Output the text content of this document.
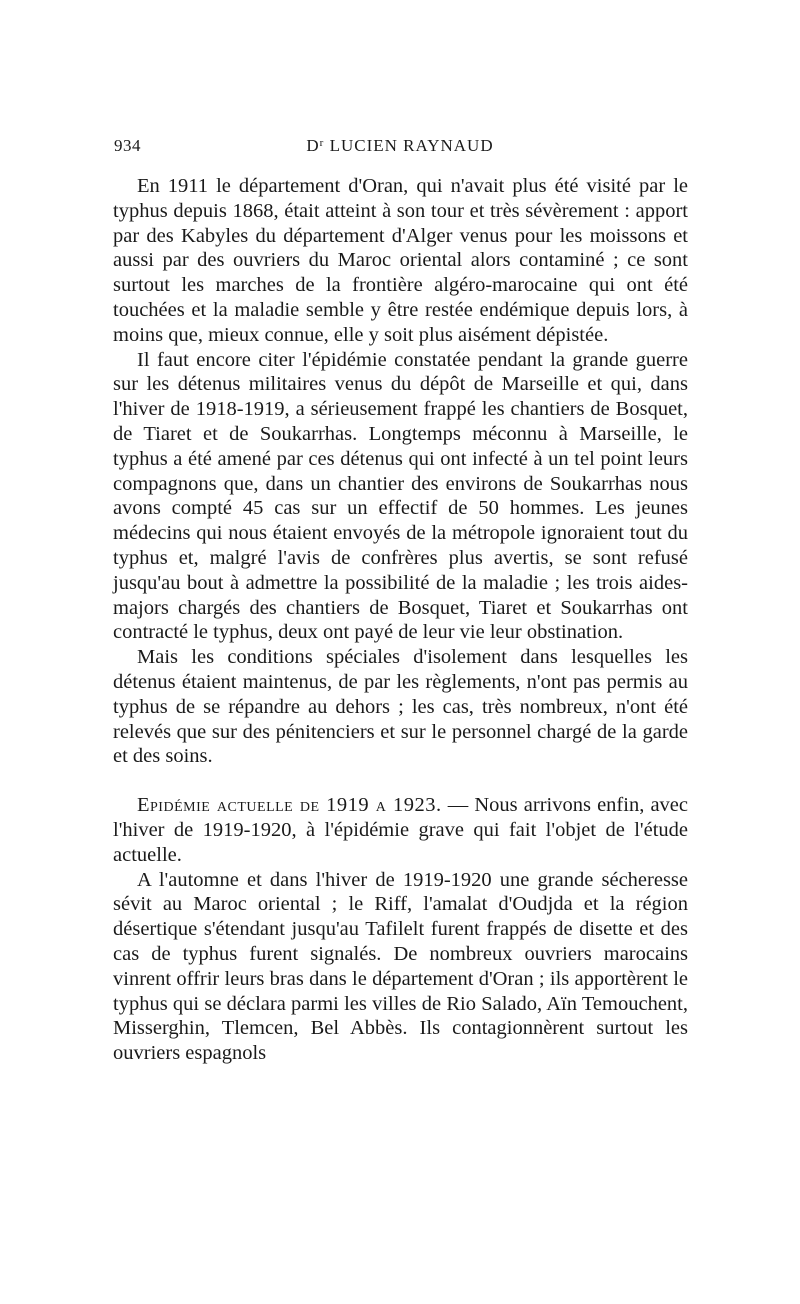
934	$D^r$ LUCIEN RAYNAUD

En 1911 le département d'Oran, qui n'avait plus été visité par le typhus depuis 1868, était atteint à son tour et très sévèrement : apport par des Kabyles du département d'Alger venus pour les moissons et aussi par des ouvriers du Maroc oriental alors contaminé ; ce sont surtout les marches de la frontière algéro-marocaine qui ont été touchées et la maladie semble y être restée endémique depuis lors, à moins que, mieux connue, elle y soit plus aisément dépistée.

Il faut encore citer l'épidémie constatée pendant la grande guerre sur les détenus militaires venus du dépôt de Marseille et qui, dans l'hiver de 1918-1919, a sérieusement frappé les chantiers de Bosquet, de Tiaret et de Soukarrhas. Longtemps méconnu à Marseille, le typhus a été amené par ces détenus qui ont infecté à un tel point leurs compagnons que, dans un chantier des environs de Soukarrhas nous avons compté 45 cas sur un effectif de 50 hommes. Les jeunes médecins qui nous étaient envoyés de la métropole ignoraient tout du typhus et, malgré l'avis de confrères plus avertis, se sont refusé jusqu'au bout à admettre la possibilité de la maladie ; les trois aides-majors chargés des chantiers de Bosquet, Tiaret et Soukarrhas ont contracté le typhus, deux ont payé de leur vie leur obstination.

Mais les conditions spéciales d'isolement dans lesquelles les détenus étaient maintenus, de par les règlements, n'ont pas permis au typhus de se répandre au dehors ; les cas, très nombreux, n'ont été relevés que sur des pénitenciers et sur le personnel chargé de la garde et des soins.

Epidémie actuelle de 1919 a 1923. — Nous arrivons enfin, avec l'hiver de 1919-1920, à l'épidémie grave qui fait l'objet de l'étude actuelle.

A l'automne et dans l'hiver de 1919-1920 une grande sécheresse sévit au Maroc oriental ; le Riff, l'amalat d'Oudjda et la région désertique s'étendant jusqu'au Tafilelt furent frappés de disette et des cas de typhus furent signalés. De nombreux ouvriers marocains vinrent offrir leurs bras dans le département d'Oran ; ils apportèrent le typhus qui se déclara parmi les villes de Rio Salado, Aïn Temouchent, Misserghin, Tlemcen, Bel Abbès. Ils contagionnèrent surtout les ouvriers espagnols
